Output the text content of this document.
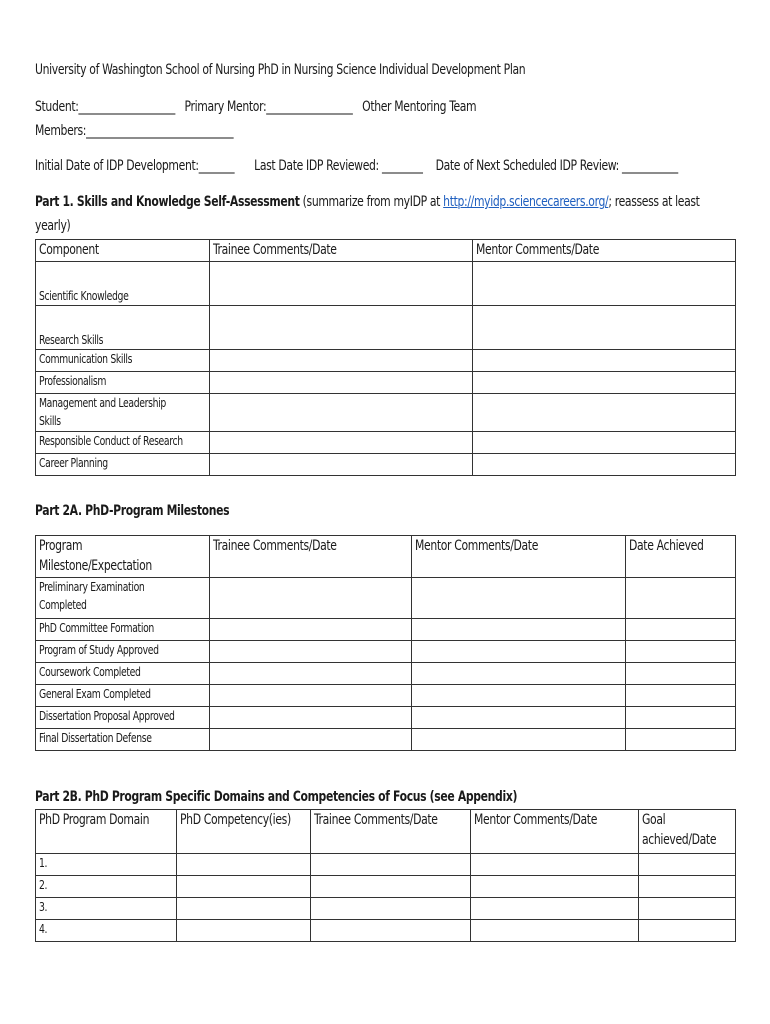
University of Washington School of Nursing PhD in Nursing Science Individual Development Plan
Student:___________________ Primary Mentor:_________________ Other Mentoring Team
Members:_____________________________
Initial Date of IDP Development:_______ Last Date IDP Reviewed: ________ Date of Next Scheduled IDP Review: ___________
Part 1. Skills and Knowledge Self-Assessment (summarize from myIDP at http://myidp.sciencecareers.org/; reassess at least
yearly)
Component	Trainee Comments/Date	Mentor Comments/Date

Scientific Knowledge		

Research Skills		

Communication Skills		

Professionalism		

Management and Leadership
Skills		

Responsible Conduct of Research		

Career Planning		

Part 2A. PhD-Program Milestones
Program
Milestone/Expectation	Trainee Comments/Date	Mentor Comments/Date	Date Achieved

Preliminary Examination
Completed			

PhD Committee Formation			

Program of Study Approved			

Coursework Completed			

General Exam Completed			

Dissertation Proposal Approved			

Final Dissertation Defense			

Part 2B. PhD Program Specific Domains and Competencies of Focus (see Appendix)
PhD Program Domain	PhD Competency(ies)	Trainee Comments/Date	Mentor Comments/Date	Goal
achieved/Date

1.				

2.				

3.				

4.				
